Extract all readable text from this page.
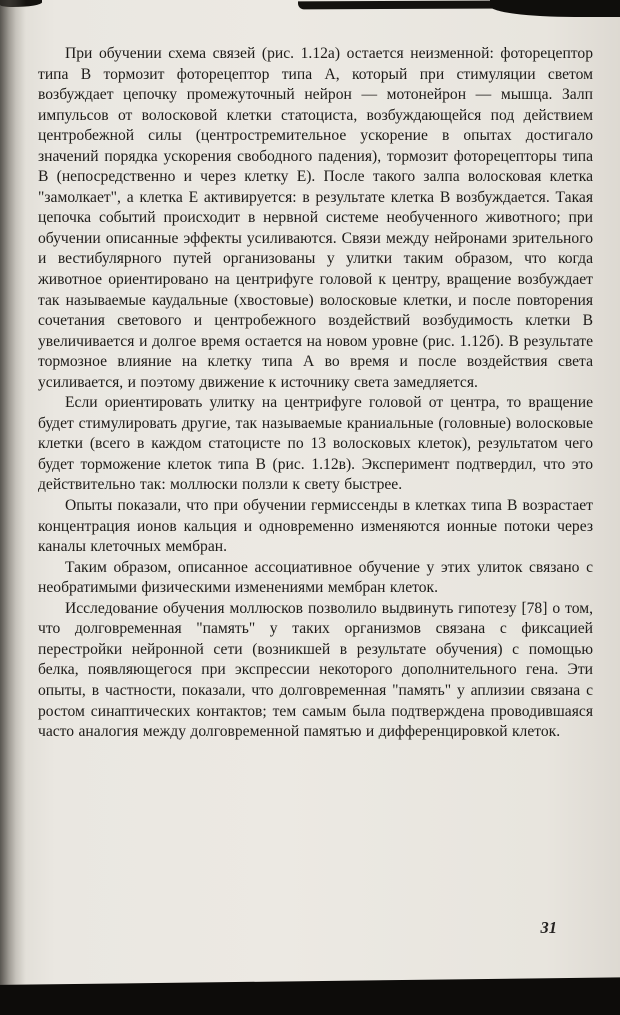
При обучении схема связей (рис. 1.12а) остается неизменной: фоторецептор типа В тормозит фоторецептор типа А, который при стимуляции светом возбуждает цепочку промежуточный нейрон — мотонейрон — мышца. Залп импульсов от волосковой клетки статоциста, возбуждающейся под действием центробежной силы (центростремительное ускорение в опытах достигало значений порядка ускорения свободного падения), тормозит фоторецепторы типа В (непосредственно и через клетку Е). После такого залпа волосковая клетка "замолкает", а клетка Е активируется: в результате клетка В возбуждается. Такая цепочка событий происходит в нервной системе необученного животного; при обучении описанные эффекты усиливаются. Связи между нейронами зрительного и вестибулярного путей организованы у улитки таким образом, что когда животное ориентировано на центрифуге головой к центру, вращение возбуждает так называемые каудальные (хвостовые) волосковые клетки, и после повторения сочетания светового и центробежного воздействий возбудимость клетки В увеличивается и долгое время остается на новом уровне (рис. 1.12б). В результате тормозное влияние на клетку типа А во время и после воздействия света усиливается, и поэтому движение к источнику света замедляется.

Если ориентировать улитку на центрифуге головой от центра, то вращение будет стимулировать другие, так называемые краниальные (головные) волосковые клетки (всего в каждом статоцисте по 13 волосковых клеток), результатом чего будет торможение клеток типа В (рис. 1.12в). Эксперимент подтвердил, что это действительно так: моллюски ползли к свету быстрее.

Опыты показали, что при обучении гермиссенды в клетках типа В возрастает концентрация ионов кальция и одновременно изменяются ионные потоки через каналы клеточных мембран.

Таким образом, описанное ассоциативное обучение у этих улиток связано с необратимыми физическими изменениями мембран клеток.

Исследование обучения моллюсков позволило выдвинуть гипотезу [78] о том, что долговременная "память" у таких организмов связана с фиксацией перестройки нейронной сети (возникшей в результате обучения) с помощью белка, появляющегося при экспрессии некоторого дополнительного гена. Эти опыты, в частности, показали, что долговременная "память" у аплизии связана с ростом синаптических контактов; тем самым была подтверждена проводившаяся часто аналогия между долговременной памятью и дифференцировкой клеток.

31
